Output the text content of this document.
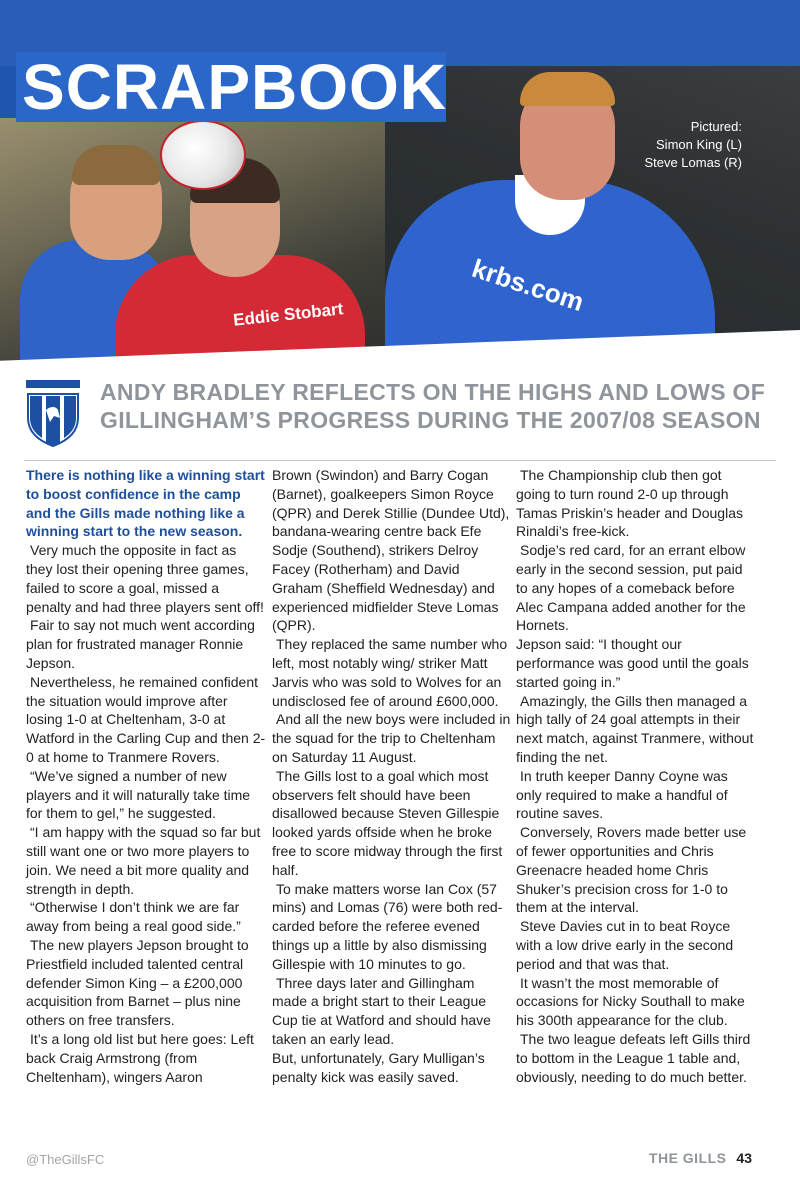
Eddie Stobart	krbs.com
SCRAPBOOK
Pictured:
Simon King (L)
Steve Lomas (R)
ANDY BRADLEY REFLECTS ON THE HIGHS AND LOWS OF GILLINGHAM’S PROGRESS DURING THE 2007/08 SEASON

There is nothing like a winning start to boost confidence in the camp and the Gills made nothing like a winning start to the new season.

Very much the opposite in fact as they lost their opening three games, failed to score a goal, missed a penalty and had three players sent off!

Fair to say not much went according plan for frustrated manager Ronnie Jepson.

Nevertheless, he remained confident the situation would improve after losing 1-0 at Cheltenham, 3-0 at Watford in the Carling Cup and then 2-0 at home to Tranmere Rovers.

“We’ve signed a number of new players and it will naturally take time for them to gel,” he suggested.

“I am happy with the squad so far but still want one or two more players to join. We need a bit more quality and strength in depth.

“Otherwise I don’t think we are far away from being a real good side.”

The new players Jepson brought to Priestfield included talented central defender Simon King – a £200,000 acquisition from Barnet – plus nine others on free transfers.

It’s a long old list but here goes: Left back Craig Armstrong (from Cheltenham), wingers Aaron

Brown (Swindon) and Barry Cogan (Barnet), goalkeepers Simon Royce (QPR) and Derek Stillie (Dundee Utd), bandana-wearing centre back Efe Sodje (Southend), strikers Delroy Facey (Rotherham) and David Graham (Sheffield Wednesday) and experienced midfielder Steve Lomas (QPR).

They replaced the same number who left, most notably wing/ striker Matt Jarvis who was sold to Wolves for an undisclosed fee of around £600,000.

And all the new boys were included in the squad for the trip to Cheltenham on Saturday 11 August.

The Gills lost to a goal which most observers felt should have been disallowed because Steven Gillespie looked yards offside when he broke free to score midway through the first half.

To make matters worse Ian Cox (57 mins) and Lomas (76) were both red-carded before the referee evened things up a little by also dismissing Gillespie with 10 minutes to go.

Three days later and Gillingham made a bright start to their League Cup tie at Watford and should have taken an early lead.

But, unfortunately, Gary Mulligan’s penalty kick was easily saved.

The Championship club then got going to turn round 2-0 up through Tamas Priskin’s header and Douglas Rinaldi’s free-kick.

Sodje’s red card, for an errant elbow early in the second session, put paid to any hopes of a comeback before Alec Campana added another for the Hornets.

Jepson said: “I thought our performance was good until the goals started going in.”

Amazingly, the Gills then managed a high tally of 24 goal attempts in their next match, against Tranmere, without finding the net.

In truth keeper Danny Coyne was only required to make a handful of routine saves.

Conversely, Rovers made better use of fewer opportunities and Chris Greenacre headed home Chris Shuker’s precision cross for 1-0 to them at the interval.

Steve Davies cut in to beat Royce with a low drive early in the second period and that was that.

It wasn’t the most memorable of occasions for Nicky Southall to make his 300th appearance for the club.

The two league defeats left Gills third to bottom in the League 1 table and, obviously, needing to do much better.

@TheGillsFC	THE GILLS 43
